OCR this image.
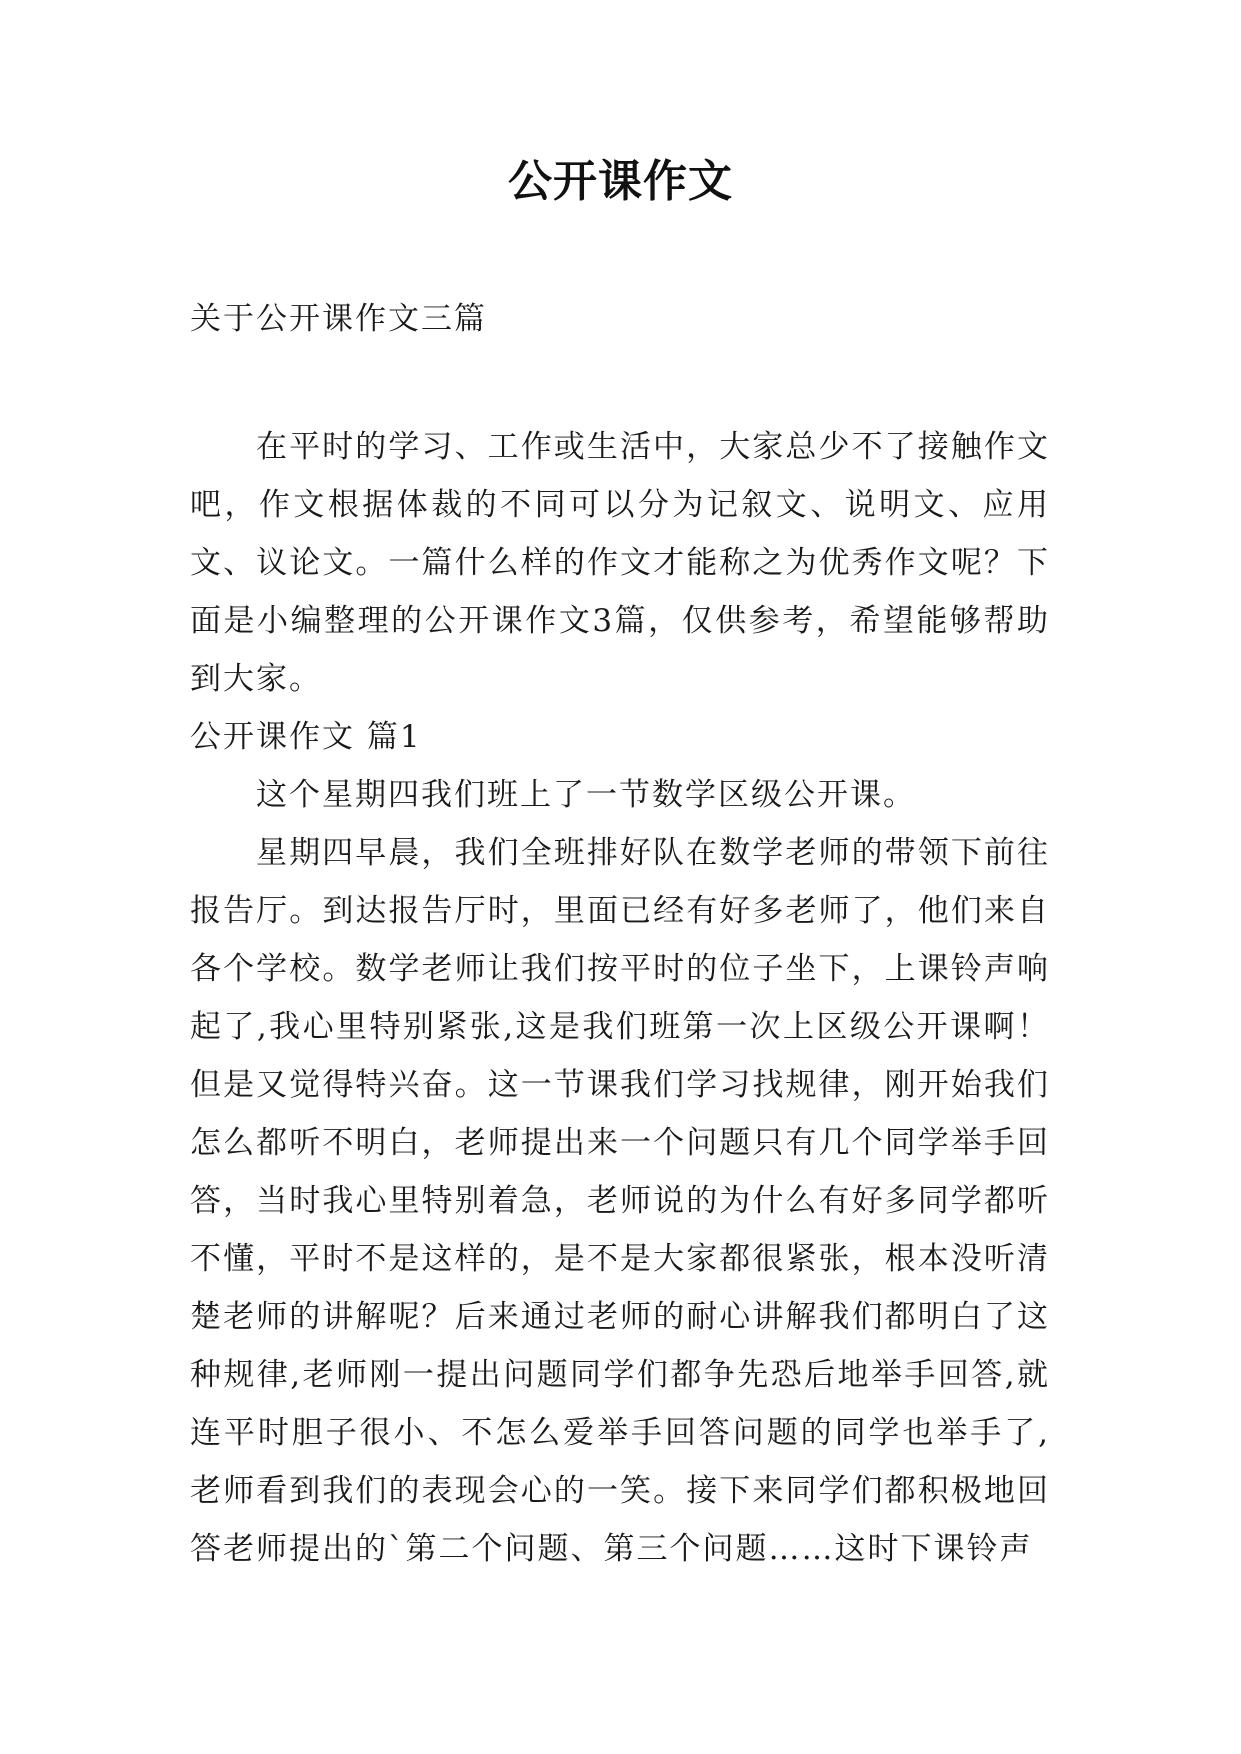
公开课作文

关于公开课作文三篇

在平时的学习、工作或生活中，大家总少不了接触作文吧，作文根据体裁的不同可以分为记叙文、说明文、应用文、议论文。一篇什么样的作文才能称之为优秀作文呢？下面是小编整理的公开课作文3篇，仅供参考，希望能够帮助到大家。

公开课作文 篇1

这个星期四我们班上了一节数学区级公开课。

星期四早晨，我们全班排好队在数学老师的带领下前往报告厅。到达报告厅时，里面已经有好多老师了，他们来自各个学校。数学老师让我们按平时的位子坐下，上课铃声响起了,我心里特别紧张,这是我们班第一次上区级公开课啊！但是又觉得特兴奋。这一节课我们学习找规律，刚开始我们怎么都听不明白，老师提出来一个问题只有几个同学举手回答，当时我心里特别着急，老师说的为什么有好多同学都听不懂，平时不是这样的，是不是大家都很紧张，根本没听清楚老师的讲解呢？后来通过老师的耐心讲解我们都明白了这种规律,老师刚一提出问题同学们都争先恐后地举手回答,就连平时胆子很小、不怎么爱举手回答问题的同学也举手了,老师看到我们的表现会心的一笑。接下来同学们都积极地回答老师提出的`第二个问题、第三个问题……这时下课铃声
